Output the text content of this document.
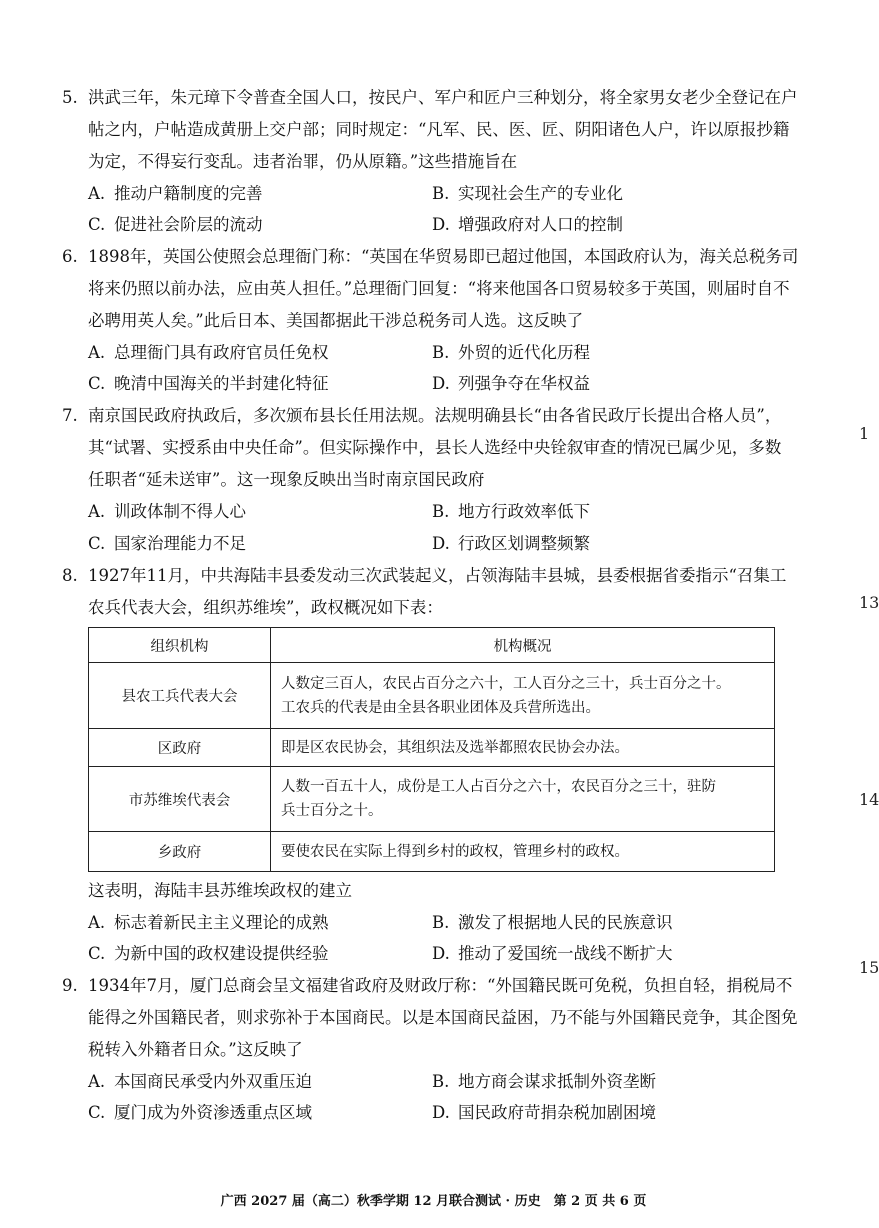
5. 洪武三年，朱元璋下令普查全国人口，按民户、军户和匠户三种划分，将全家男女老少全登记在户
帖之内，户帖造成黄册上交户部；同时规定：“凡军、民、医、匠、阴阳诸色人户，许以原报抄籍
为定，不得妄行变乱。违者治罪，仍从原籍。”这些措施旨在
A. 推动户籍制度的完善	B. 实现社会生产的专业化
C. 促进社会阶层的流动	D. 增强政府对人口的控制
6. 1898年，英国公使照会总理衙门称：“英国在华贸易即已超过他国，本国政府认为，海关总税务司
将来仍照以前办法，应由英人担任。”总理衙门回复：“将来他国各口贸易较多于英国，则届时自不
必聘用英人矣。”此后日本、美国都据此干涉总税务司人选。这反映了
A. 总理衙门具有政府官员任免权	B. 外贸的近代化历程
C. 晚清中国海关的半封建化特征	D. 列强争夺在华权益
7. 南京国民政府执政后，多次颁布县长任用法规。法规明确县长“由各省民政厅长提出合格人员”，
其“试署、实授系由中央任命”。但实际操作中，县长人选经中央铨叙审查的情况已属少见，多数
任职者“延未送审”。这一现象反映出当时南京国民政府
A. 训政体制不得人心	B. 地方行政效率低下
C. 国家治理能力不足	D. 行政区划调整频繁
8. 1927年11月，中共海陆丰县委发动三次武装起义，占领海陆丰县城，县委根据省委指示“召集工
农兵代表大会，组织苏维埃”，政权概况如下表：
组织机构	机构概况
县农工兵代表大会	人数定三百人，农民占百分之六十，工人百分之三十，兵士百分之十。
工农兵的代表是由全县各职业团体及兵营所选出。

区政府	即是区农民协会，其组织法及选举都照农民协会办法。

市苏维埃代表会	人数一百五十人，成份是工人占百分之六十，农民百分之三十，驻防
兵士百分之十。

乡政府	要使农民在实际上得到乡村的政权，管理乡村的政权。
这表明，海陆丰县苏维埃政权的建立
A. 标志着新民主主义理论的成熟	B. 激发了根据地人民的民族意识
C. 为新中国的政权建设提供经验	D. 推动了爱国统一战线不断扩大
9. 1934年7月，厦门总商会呈文福建省政府及财政厅称：“外国籍民既可免税，负担自轻，捐税局不
能得之外国籍民者，则求弥补于本国商民。以是本国商民益困，乃不能与外国籍民竞争，其企图免
税转入外籍者日众。”这反映了
A. 本国商民承受内外双重压迫	B. 地方商会谋求抵制外资垄断
C. 厦门成为外资渗透重点区域	D. 国民政府苛捐杂税加剧困境
1
13
14
15
广西 2027 届（高二）秋季学期 12 月联合测试 · 历史　第 2 页 共 6 页
